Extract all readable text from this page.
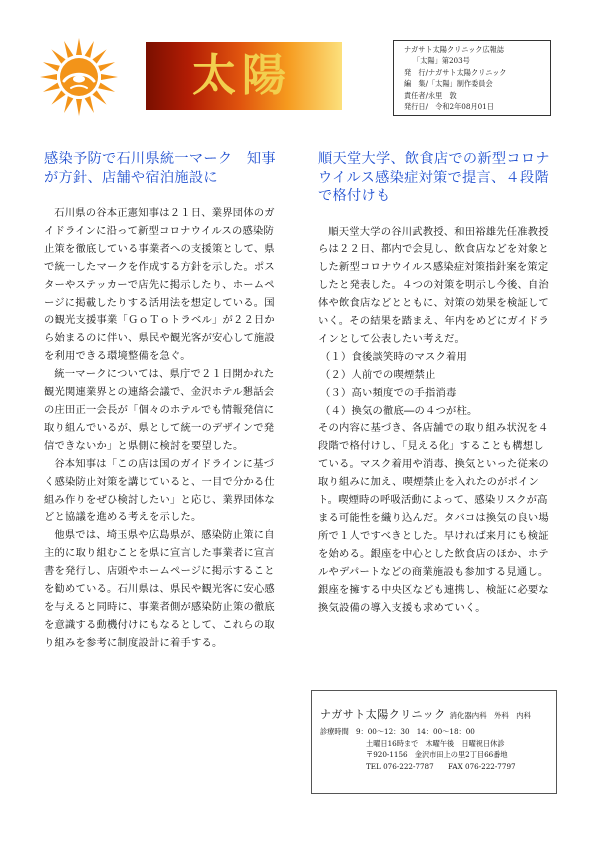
太陽
ナガサト太陽クリニック広報誌
「太陽」第203号
発　行/ナガサト太陽クリニック
編　集/「太陽」制作委員会
責任者/永里　敦
発行日/　令和2年08月01日
感染予防で石川県統一マーク　知事
が方針、店舗や宿泊施設に

石川県の谷本正憲知事は２１日、業界団体のガイドラインに沿って新型コロナウイルスの感染防止策を徹底している事業者への支援策として、県で統一したマークを作成する方針を示した。ポスターやステッカーで店先に掲示したり、ホームページに掲載したりする活用法を想定している。国の観光支援事業「ＧｏＴｏトラベル」が２２日から始まるのに伴い、県民や観光客が安心して施設を利用できる環境整備を急ぐ。

統一マークについては、県庁で２１日開かれた観光関連業界との連絡会議で、金沢ホテル懇話会の庄田正一会長が「個々のホテルでも情報発信に取り組んでいるが、県として統一のデザインで発信できないか」と県側に検討を要望した。

谷本知事は「この店は国のガイドラインに基づく感染防止対策を講じていると、一目で分かる仕組み作りをぜひ検討したい」と応じ、業界団体などと協議を進める考えを示した。

他県では、埼玉県や広島県が、感染防止策に自主的に取り組むことを県に宣言した事業者に宣言書を発行し、店頭やホームページに掲示することを勧めている。石川県は、県民や観光客に安心感を与えると同時に、事業者側が感染防止策の徹底を意識する動機付けにもなるとして、これらの取り組みを参考に制度設計に着手する。

順天堂大学、飲食店での新型コロナ
ウイルス感染症対策で提言、４段階
で格付けも

順天堂大学の谷川武教授、和田裕雄先任准教授らは２２日、都内で会見し、飲食店などを対象とした新型コロナウイルス感染症対策指針案を策定したと発表した。４つの対策を明示し今後、自治体や飲食店などとともに、対策の効果を検証していく。その結果を踏まえ、年内をめどにガイドラインとして公表したい考えだ。

（１）食後談笑時のマスク着用

（２）人前での喫煙禁止

（３）高い頻度での手指消毒

（４）換気の徹底―の４つが柱。

その内容に基づき、各店舗での取り組み状況を４段階で格付けし、「見える化」することも構想している。マスク着用や消毒、換気といった従来の取り組みに加え、喫煙禁止を入れたのがポイント。喫煙時の呼吸活動によって、感染リスクが高まる可能性を織り込んだ。タバコは換気の良い場所で１人ですべきとした。早ければ来月にも検証を始める。銀座を中心とした飲食店のほか、ホテルやデパートなどの商業施設も参加する見通し。銀座を擁する中央区なども連携し、検証に必要な換気設備の導入支援も求めていく。

ナガサト太陽クリニック 消化器内科　外科　内科
診療時間　9：00～12：30　14：00～18：00
土曜日16時まで　木曜午後　日曜祝日休診
〒920-1156　金沢市田上の里2丁目66番地
TEL 076-222-7787　　FAX 076-222-7797
